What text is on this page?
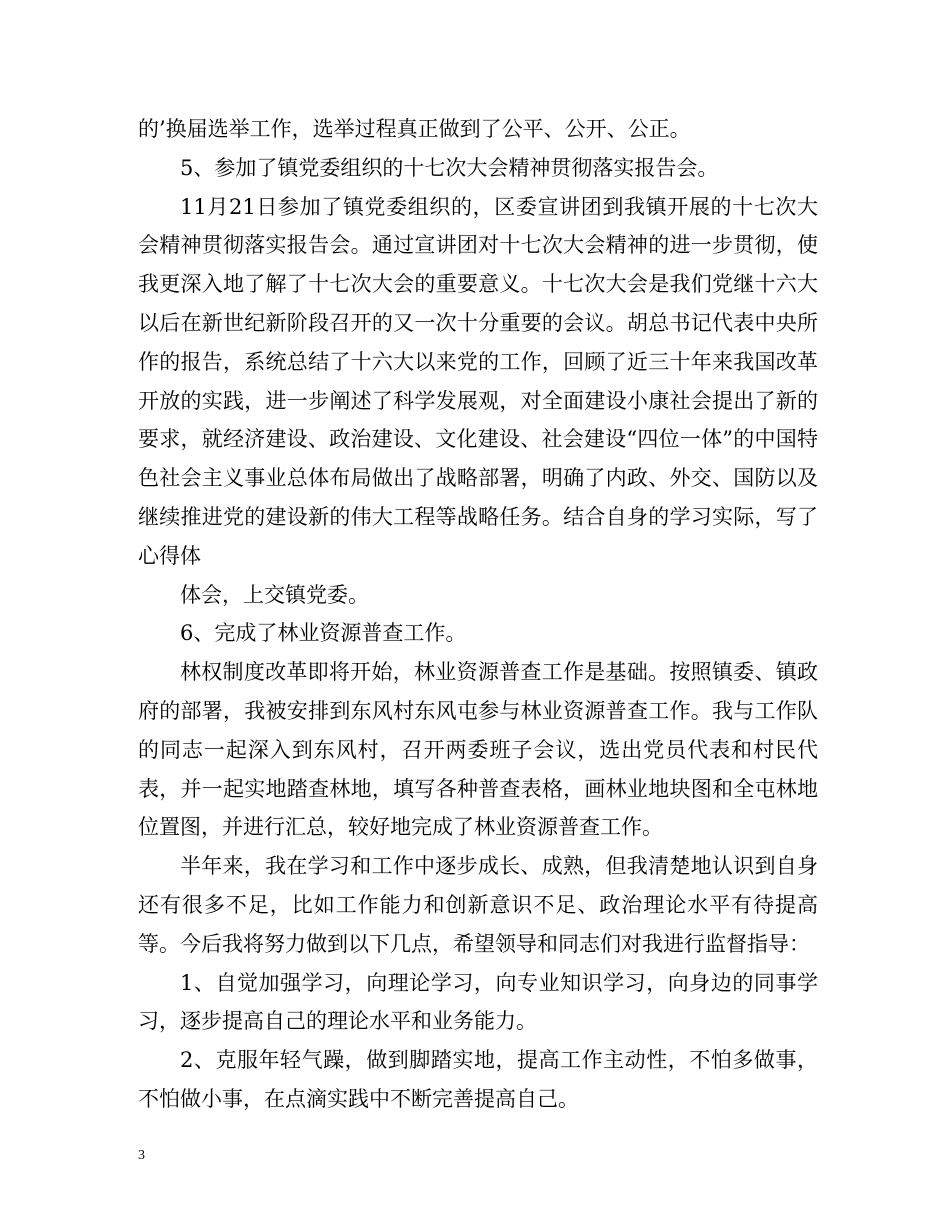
的’换届选举工作，选举过程真正做到了公平、公开、公正。

5、参加了镇党委组织的十七次大会精神贯彻落实报告会。

11月21日参加了镇党委组织的，区委宣讲团到我镇开展的十七次大会精神贯彻落实报告会。通过宣讲团对十七次大会精神的进一步贯彻，使我更深入地了解了十七次大会的重要意义。十七次大会是我们党继十六大以后在新世纪新阶段召开的又一次十分重要的会议。胡总书记代表中央所作的报告，系统总结了十六大以来党的工作，回顾了近三十年来我国改革开放的实践，进一步阐述了科学发展观，对全面建设小康社会提出了新的要求，就经济建设、政治建设、文化建设、社会建设“四位一体”的中国特色社会主义事业总体布局做出了战略部署，明确了内政、外交、国防以及继续推进党的建设新的伟大工程等战略任务。结合自身的学习实际，写了心得体

体会，上交镇党委。

6、完成了林业资源普查工作。

林权制度改革即将开始，林业资源普查工作是基础。按照镇委、镇政府的部署，我被安排到东风村东风屯参与林业资源普查工作。我与工作队的同志一起深入到东风村，召开两委班子会议，选出党员代表和村民代表，并一起实地踏查林地，填写各种普查表格，画林业地块图和全屯林地位置图，并进行汇总，较好地完成了林业资源普查工作。

半年来，我在学习和工作中逐步成长、成熟，但我清楚地认识到自身还有很多不足，比如工作能力和创新意识不足、政治理论水平有待提高等。今后我将努力做到以下几点，希望领导和同志们对我进行监督指导：

1、自觉加强学习，向理论学习，向专业知识学习，向身边的同事学习，逐步提高自己的理论水平和业务能力。

2、克服年轻气躁，做到脚踏实地，提高工作主动性，不怕多做事，不怕做小事，在点滴实践中不断完善提高自己。

3
